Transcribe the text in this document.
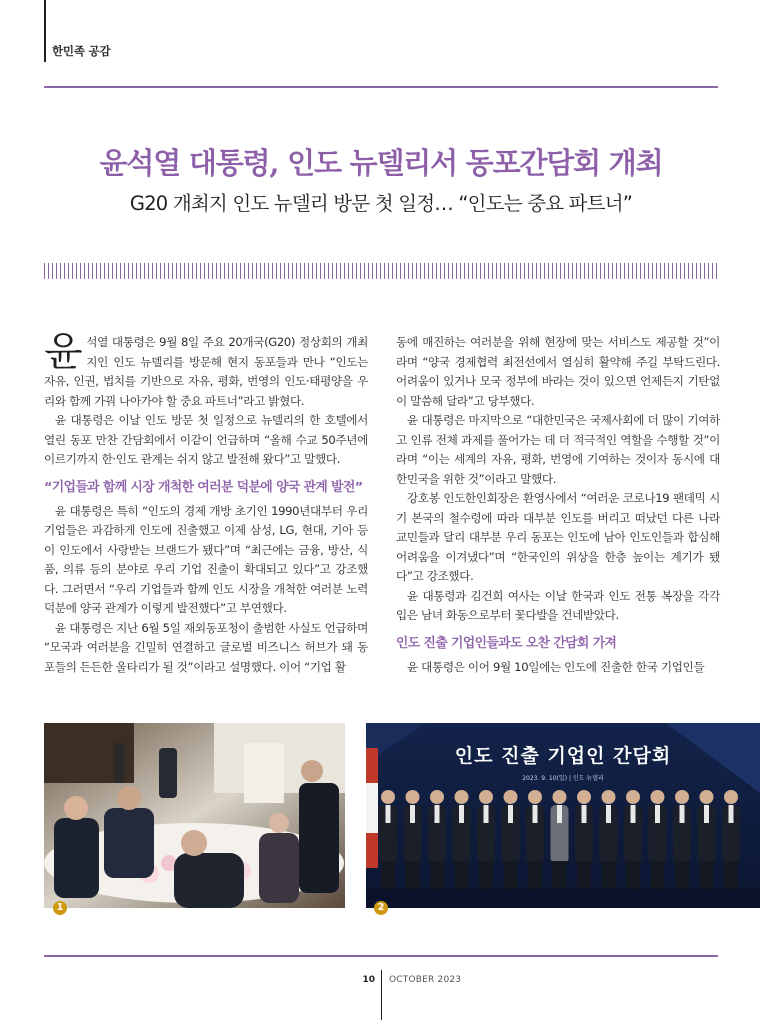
한민족 공감
윤석열 대통령, 인도 뉴델리서 동포간담회 개최
G20 개최지 인도 뉴델리 방문 첫 일정… “인도는 중요 파트너”

윤석열 대통령은 9월 8일 주요 20개국(G20) 정상회의 개최지인 인도 뉴델리를 방문해 현지 동포들과 만나 “인도는 자유, 인권, 법치를 기반으로 자유, 평화, 번영의 인도·태평양을 우리와 함께 가꿔 나아가야 할 중요 파트너”라고 밝혔다.

윤 대통령은 이날 인도 방문 첫 일정으로 뉴델리의 한 호텔에서 열린 동포 만찬 간담회에서 이같이 언급하며 “올해 수교 50주년에 이르기까지 한·인도 관계는 쉬지 않고 발전해 왔다”고 말했다.

“기업들과 함께 시장 개척한 여러분 덕분에 양국 관계 발전”

윤 대통령은 특히 “인도의 경제 개방 초기인 1990년대부터 우리 기업들은 과감하게 인도에 진출했고 이제 삼성, LG, 현대, 기아 등이 인도에서 사랑받는 브랜드가 됐다”며 “최근에는 금융, 방산, 식품, 의류 등의 분야로 우리 기업 진출이 확대되고 있다”고 강조했다. 그러면서 “우리 기업들과 함께 인도 시장을 개척한 여러분 노력 덕분에 양국 관계가 이렇게 발전했다”고 부연했다.

윤 대통령은 지난 6월 5일 재외동포청이 출범한 사실도 언급하며 “모국과 여러분을 긴밀히 연결하고 글로벌 비즈니스 허브가 돼 동포들의 든든한 울타리가 될 것”이라고 설명했다. 이어 “기업 활

동에 매진하는 여러분을 위해 현장에 맞는 서비스도 제공할 것”이라며 “양국 경제협력 최전선에서 열심히 활약해 주길 부탁드린다. 어려움이 있거나 모국 정부에 바라는 것이 있으면 언제든지 기탄없이 말씀해 달라”고 당부했다.

윤 대통령은 마지막으로 “대한민국은 국제사회에 더 많이 기여하고 인류 전체 과제를 풀어가는 데 더 적극적인 역할을 수행할 것”이라며 “이는 세계의 자유, 평화, 번영에 기여하는 것이자 동시에 대한민국을 위한 것”이라고 말했다.

강호봉 인도한인회장은 환영사에서 “여러운 코로나19 팬데믹 시기 본국의 철수령에 따라 대부분 인도를 버리고 떠났던 다른 나라 교민들과 달리 대부분 우리 동포는 인도에 남아 인도인들과 합심해 어려움을 이겨냈다”며 “한국인의 위상을 한층 높이는 계기가 됐다”고 강조했다.

윤 대통령과 김건희 여사는 이날 한국과 인도 전통 복장을 각각 입은 남녀 화동으로부터 꽃다발을 건네받았다.

인도 진출 기업인들과도 오찬 간담회 가져

윤 대통령은 이어 9월 10일에는 인도에 진출한 한국 기업인들

1
인도 진출 기업인 간담회
2023. 9. 10(일) | 인도 뉴델리
2
10 OCTOBER 2023
